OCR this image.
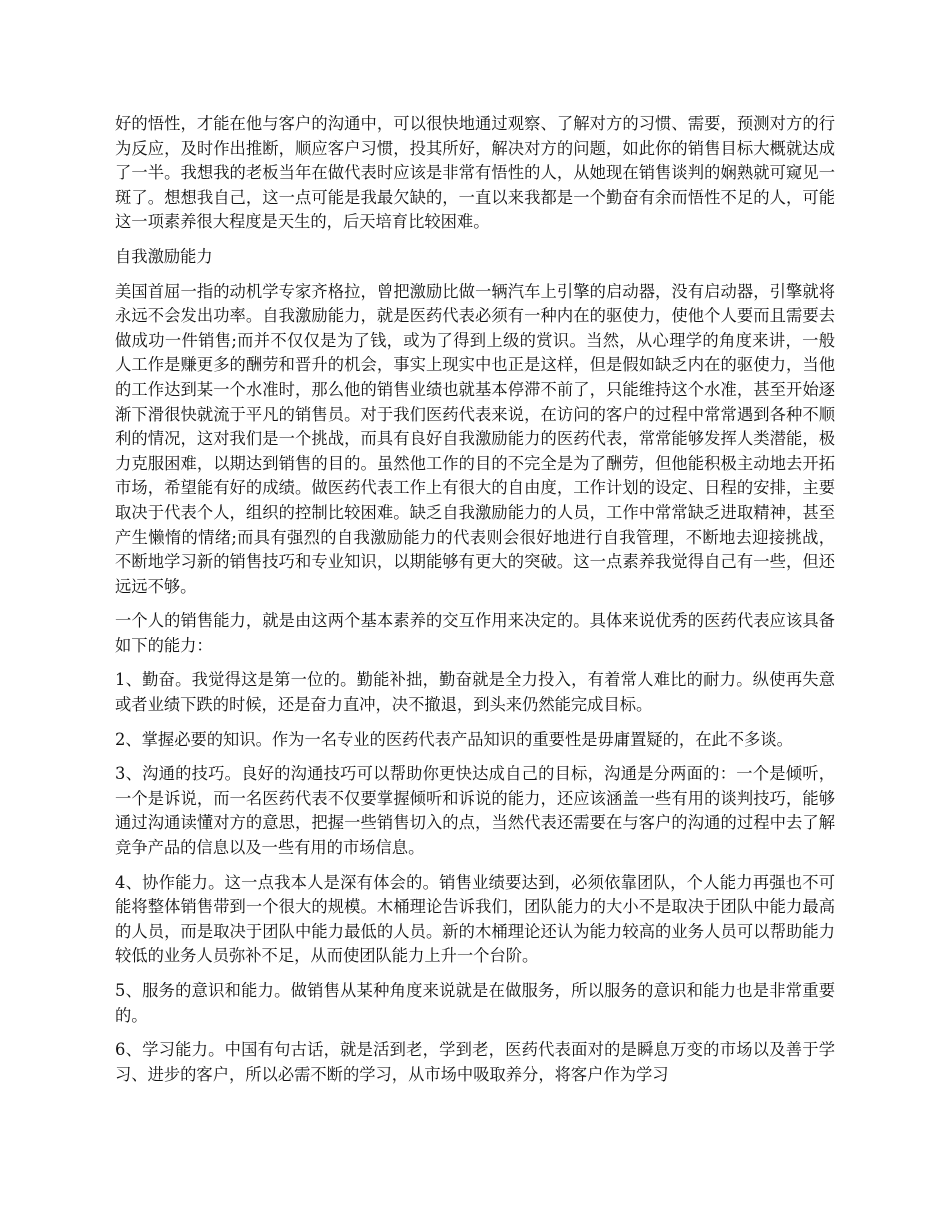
好的悟性，才能在他与客户的沟通中，可以很快地通过观察、了解对方的习惯、需要，预测对方的行为反应，及时作出推断，顺应客户习惯，投其所好，解决对方的问题，如此你的销售目标大概就达成了一半。我想我的老板当年在做代表时应该是非常有悟性的人，从她现在销售谈判的娴熟就可窥见一斑了。想想我自己，这一点可能是我最欠缺的，一直以来我都是一个勤奋有余而悟性不足的人，可能这一项素养很大程度是天生的，后天培育比较困难。

自我激励能力

美国首屈一指的动机学专家齐格拉，曾把激励比做一辆汽车上引擎的启动器，没有启动器，引擎就将永远不会发出功率。自我激励能力，就是医药代表必须有一种内在的驱使力，使他个人要而且需要去做成功一件销售;而并不仅仅是为了钱，或为了得到上级的赏识。当然，从心理学的角度来讲，一般人工作是赚更多的酬劳和晋升的机会，事实上现实中也正是这样，但是假如缺乏内在的驱使力，当他的工作达到某一个水准时，那么他的销售业绩也就基本停滞不前了，只能维持这个水准，甚至开始逐渐下滑很快就流于平凡的销售员。对于我们医药代表来说，在访问的客户的过程中常常遇到各种不顺利的情况，这对我们是一个挑战，而具有良好自我激励能力的医药代表，常常能够发挥人类潜能，极力克服困难，以期达到销售的目的。虽然他工作的目的不完全是为了酬劳，但他能积极主动地去开拓市场，希望能有好的成绩。做医药代表工作上有很大的自由度，工作计划的设定、日程的安排，主要取决于代表个人，组织的控制比较困难。缺乏自我激励能力的人员，工作中常常缺乏进取精神，甚至产生懒惰的情绪;而具有强烈的自我激励能力的代表则会很好地进行自我管理，不断地去迎接挑战，不断地学习新的销售技巧和专业知识，以期能够有更大的突破。这一点素养我觉得自己有一些，但还远远不够。

一个人的销售能力，就是由这两个基本素养的交互作用来决定的。具体来说优秀的医药代表应该具备如下的能力：

1、勤奋。我觉得这是第一位的。勤能补拙，勤奋就是全力投入，有着常人难比的耐力。纵使再失意或者业绩下跌的时候，还是奋力直冲，决不撤退，到头来仍然能完成目标。

2、掌握必要的知识。作为一名专业的医药代表产品知识的重要性是毋庸置疑的，在此不多谈。

3、沟通的技巧。良好的沟通技巧可以帮助你更快达成自己的目标，沟通是分两面的：一个是倾听，一个是诉说，而一名医药代表不仅要掌握倾听和诉说的能力，还应该涵盖一些有用的谈判技巧，能够通过沟通读懂对方的意思，把握一些销售切入的点，当然代表还需要在与客户的沟通的过程中去了解竞争产品的信息以及一些有用的市场信息。

4、协作能力。这一点我本人是深有体会的。销售业绩要达到，必须依靠团队，个人能力再强也不可能将整体销售带到一个很大的规模。木桶理论告诉我们，团队能力的大小不是取决于团队中能力最高的人员，而是取决于团队中能力最低的人员。新的木桶理论还认为能力较高的业务人员可以帮助能力较低的业务人员弥补不足，从而使团队能力上升一个台阶。

5、服务的意识和能力。做销售从某种角度来说就是在做服务，所以服务的意识和能力也是非常重要的。

6、学习能力。中国有句古话，就是活到老，学到老，医药代表面对的是瞬息万变的市场以及善于学习、进步的客户，所以必需不断的学习，从市场中吸取养分，将客户作为学习
